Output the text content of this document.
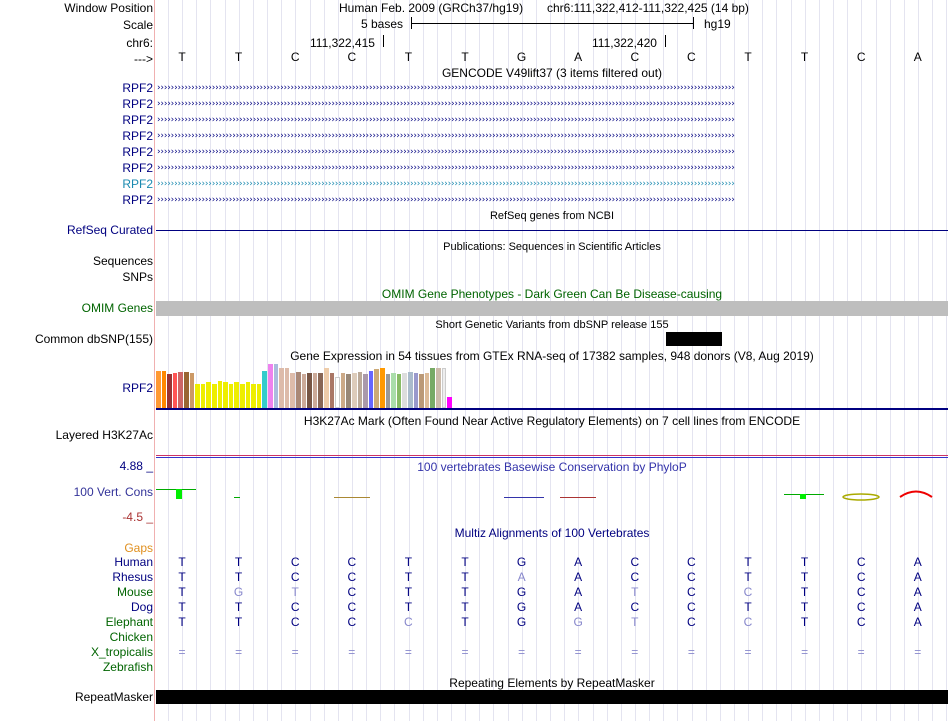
Window Position
Scale
chr6:
--->
Human Feb. 2009 (GRCh37/hg19) chr6:111,322,412-111,322,425 (14 bp)
5 bases	hg19
111,322,415	111,322,420
T	T	C	C	T	T	G	A	C	C	T	T	C	A
GENCODE V49lift37 (3 items filtered out)
RPF2 ›››››››››››››››››››››››››››››››››››››››››››››››››››››››››››››››››››››››››››››››››››››››››››››››››››››››››››››››››››››››››››››››››››››››››››››››››››››››››››››››››››››››››
RPF2 ›››››››››››››››››››››››››››››››››››››››››››››››››››››››››››››››››››››››››››››››››››››››››››››››››››››››››››››››››››››››››››››››››››››››››››››››››››››››››››››››››››››››››
RPF2 ›››››››››››››››››››››››››››››››››››››››››››››››››››››››››››››››››››››››››››››››››››››››››››››››››››››››››››››››››››››››››››››››››››››››››››››››››››››››››››››››››››››››››
RPF2 ›››››››››››››››››››››››››››››››››››››››››››››››››››››››››››››››››››››››››››››››››››››››››››››››››››››››››››››››››››››››››››››››››››››››››››››››››››››››››››››››››››››››››
RPF2 ›››››››››››››››››››››››››››››››››››››››››››››››››››››››››››››››››››››››››››››››››››››››››››››››››››››››››››››››››››››››››››››››››››››››››››››››››››››››››››››››››››››››››
RPF2 ›››››››››››››››››››››››››››››››››››››››››››››››››››››››››››››››››››››››››››››››››››››››››››››››››››››››››››››››››››››››››››››››››››››››››››››››››››››››››››››››››››››››››
RPF2 ›››››››››››››››››››››››››››››››››››››››››››››››››››››››››››››››››››››››››››››››››››››››››››››››››››››››››››››››››››››››››››››››››››››››››››››››››››››››››››››››››››››››››
RPF2 ›››››››››››››››››››››››››››››››››››››››››››››››››››››››››››››››››››››››››››››››››››››››››››››››››››››››››››››››››››››››››››››››››››››››››››››››››››››››››››››››››››››››››
RefSeq genes from NCBI
RefSeq Curated
Publications: Sequences in Scientific Articles
Sequences
SNPs
OMIM Gene Phenotypes - Dark Green Can Be Disease-causing
OMIM Genes
Short Genetic Variants from dbSNP release 155
Common dbSNP(155)
Gene Expression in 54 tissues from GTEx RNA-seq of 17382 samples, 948 donors (V8, Aug 2019)
RPF2
H3K27Ac Mark (Often Found Near Active Regulatory Elements) on 7 cell lines from ENCODE
Layered H3K27Ac
100 vertebrates Basewise Conservation by PhyloP
4.88 _
100 Vert. Cons
-4.5 _
Multiz Alignments of 100 Vertebrates
Gaps
Human T	T	C	C	T	T	G	A	C	C	T	T	C	A
Rhesus T	T	C	C	T	T	A	A	C	C	T	T	C	A
Mouse T	G	T	C	T	T	G	A	T	C	C	T	C	A
Dog T	T	C	C	T	T	G	A	C	C	T	T	C	A
Elephant T	T	C	C	C	T	G	G	T	C	C	T	C	A
Chicken
X_tropicalis =	=	=	=	=	=	=	=	=	=	=	=	=	=
Zebrafish
Repeating Elements by RepeatMasker
RepeatMasker
